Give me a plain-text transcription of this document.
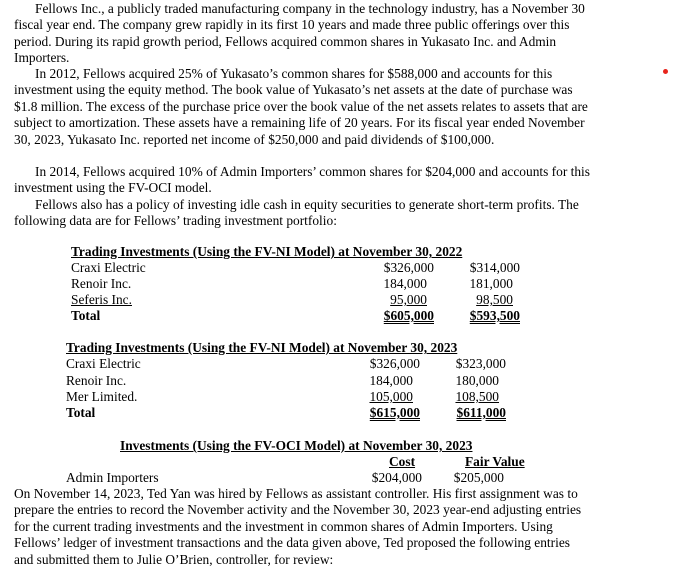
Fellows Inc., a publicly traded manufacturing company in the technology industry, has a November 30 fiscal year end. The company grew rapidly in its first 10 years and made three public offerings over this period. During its rapid growth period, Fellows acquired common shares in Yukasato Inc. and Admin Importers.

In 2012, Fellows acquired 25% of Yukasato’s common shares for $588,000 and accounts for this investment using the equity method. The book value of Yukasato’s net assets at the date of purchase was $1.8 million. The excess of the purchase price over the book value of the net assets relates to assets that are subject to amortization. These assets have a remaining life of 20 years. For its fiscal year ended November 30, 2023, Yukasato Inc. reported net income of $250,000 and paid dividends of $100,000.

In 2014, Fellows acquired 10% of Admin Importers’ common shares for $204,000 and accounts for this investment using the FV-OCI model.

Fellows also has a policy of investing idle cash in equity securities to generate short-term profits. The following data are for Fellows’ trading investment portfolio:

Trading Investments (Using the FV-NI Model) at November 30, 2022
Craxi Electric	$326,000	$314,000
Renoir Inc.	184,000	181,000
Seferis Inc.	95,000	98,500
Total	$605,000	$593,500
Trading Investments (Using the FV-NI Model) at November 30, 2023
Craxi Electric	$326,000	$323,000
Renoir Inc.	184,000	180,000
Mer Limited.	105,000	108,500
Total	$615,000	$611,000
Investments (Using the FV-OCI Model) at November 30, 2023
Cost	Fair Value
Admin Importers	$204,000	$205,000

On November 14, 2023, Ted Yan was hired by Fellows as assistant controller. His first assignment was to prepare the entries to record the November activity and the November 30, 2023 year-end adjusting entries for the current trading investments and the investment in common shares of Admin Importers. Using Fellows’ ledger of investment transactions and the data given above, Ted proposed the following entries and submitted them to Julie O’Brien, controller, for review:
